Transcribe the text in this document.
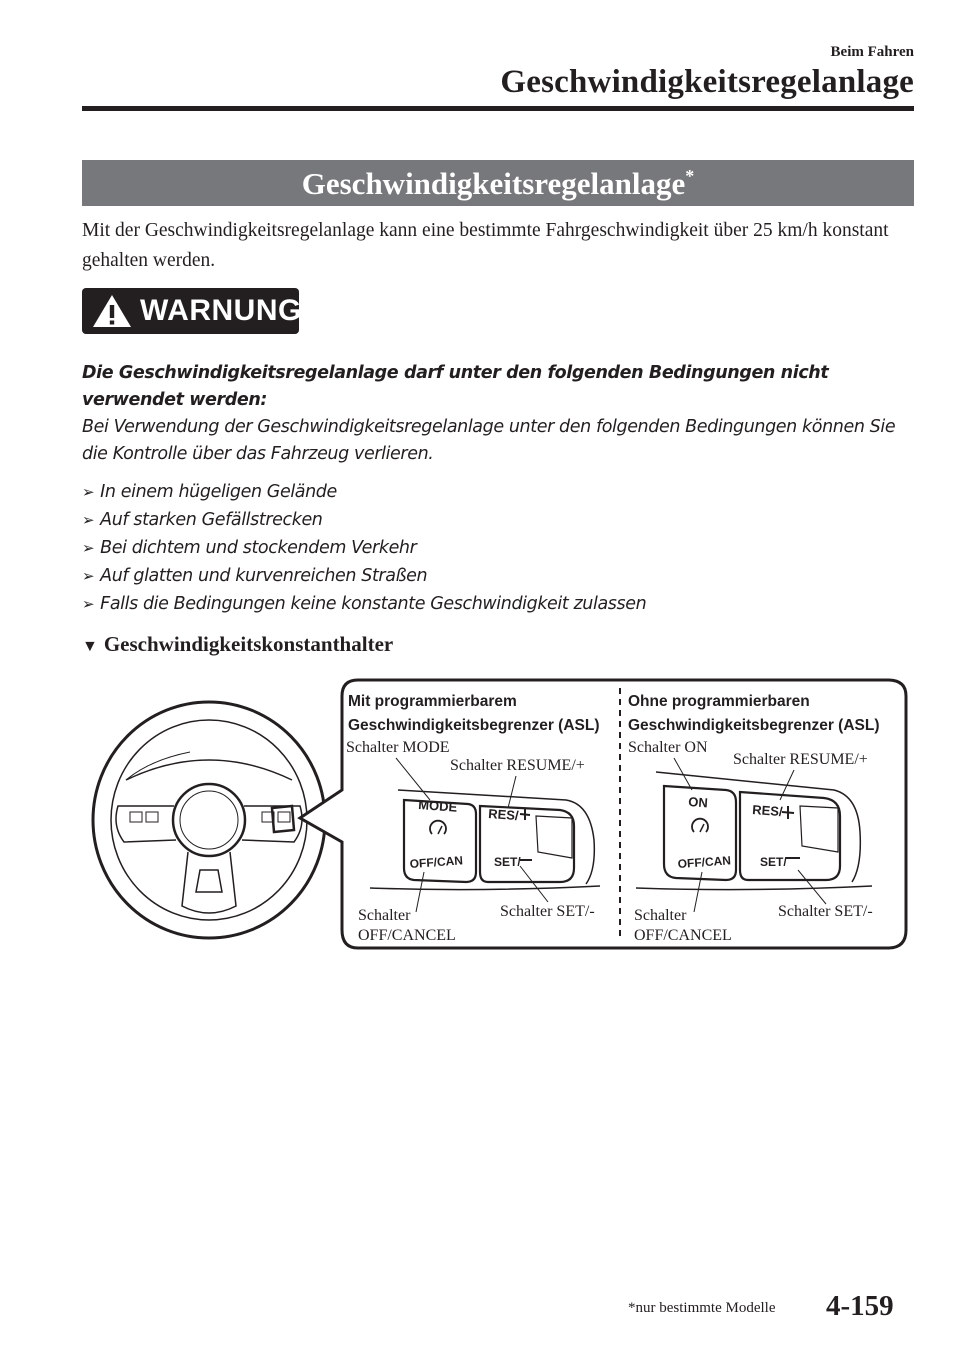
Beim Fahren
Geschwindigkeitsregelanlage
Geschwindigkeitsregelanlage*

Mit der Geschwindigkeitsregelanlage kann eine bestimmte Fahrgeschwindigkeit über 25 km/h konstant gehalten werden.

WARNUNG

Die Geschwindigkeitsregelanlage darf unter den folgenden Bedingungen nicht verwendet werden:

Bei Verwendung der Geschwindigkeitsregelanlage unter den folgenden Bedingungen können Sie die Kontrolle über das Fahrzeug verlieren.

➢ In einem hügeligen Gelände
➢ Auf starken Gefällstrecken
➢ Bei dichtem und stockendem Verkehr
➢ Auf glatten und kurvenreichen Straßen
➢ Falls die Bedingungen keine konstante Geschwindigkeit zulassen
▼ Geschwindigkeitskonstanthalter
Mit programmierbarem
Geschwindigkeitsbegrenzer (ASL)
Schalter MODE
Schalter RESUME/+
Schalter
OFF/CANCEL
Schalter SET/-
MODE RES/
SET/
OFF/CAN
Ohne programmierbaren
Geschwindigkeitsbegrenzer (ASL)
Schalter ON
Schalter RESUME/+
Schalter
OFF/CANCEL
Schalter SET/-
ON	RES/
SET/
OFF/CAN
*nur bestimmte Modelle 4-159
